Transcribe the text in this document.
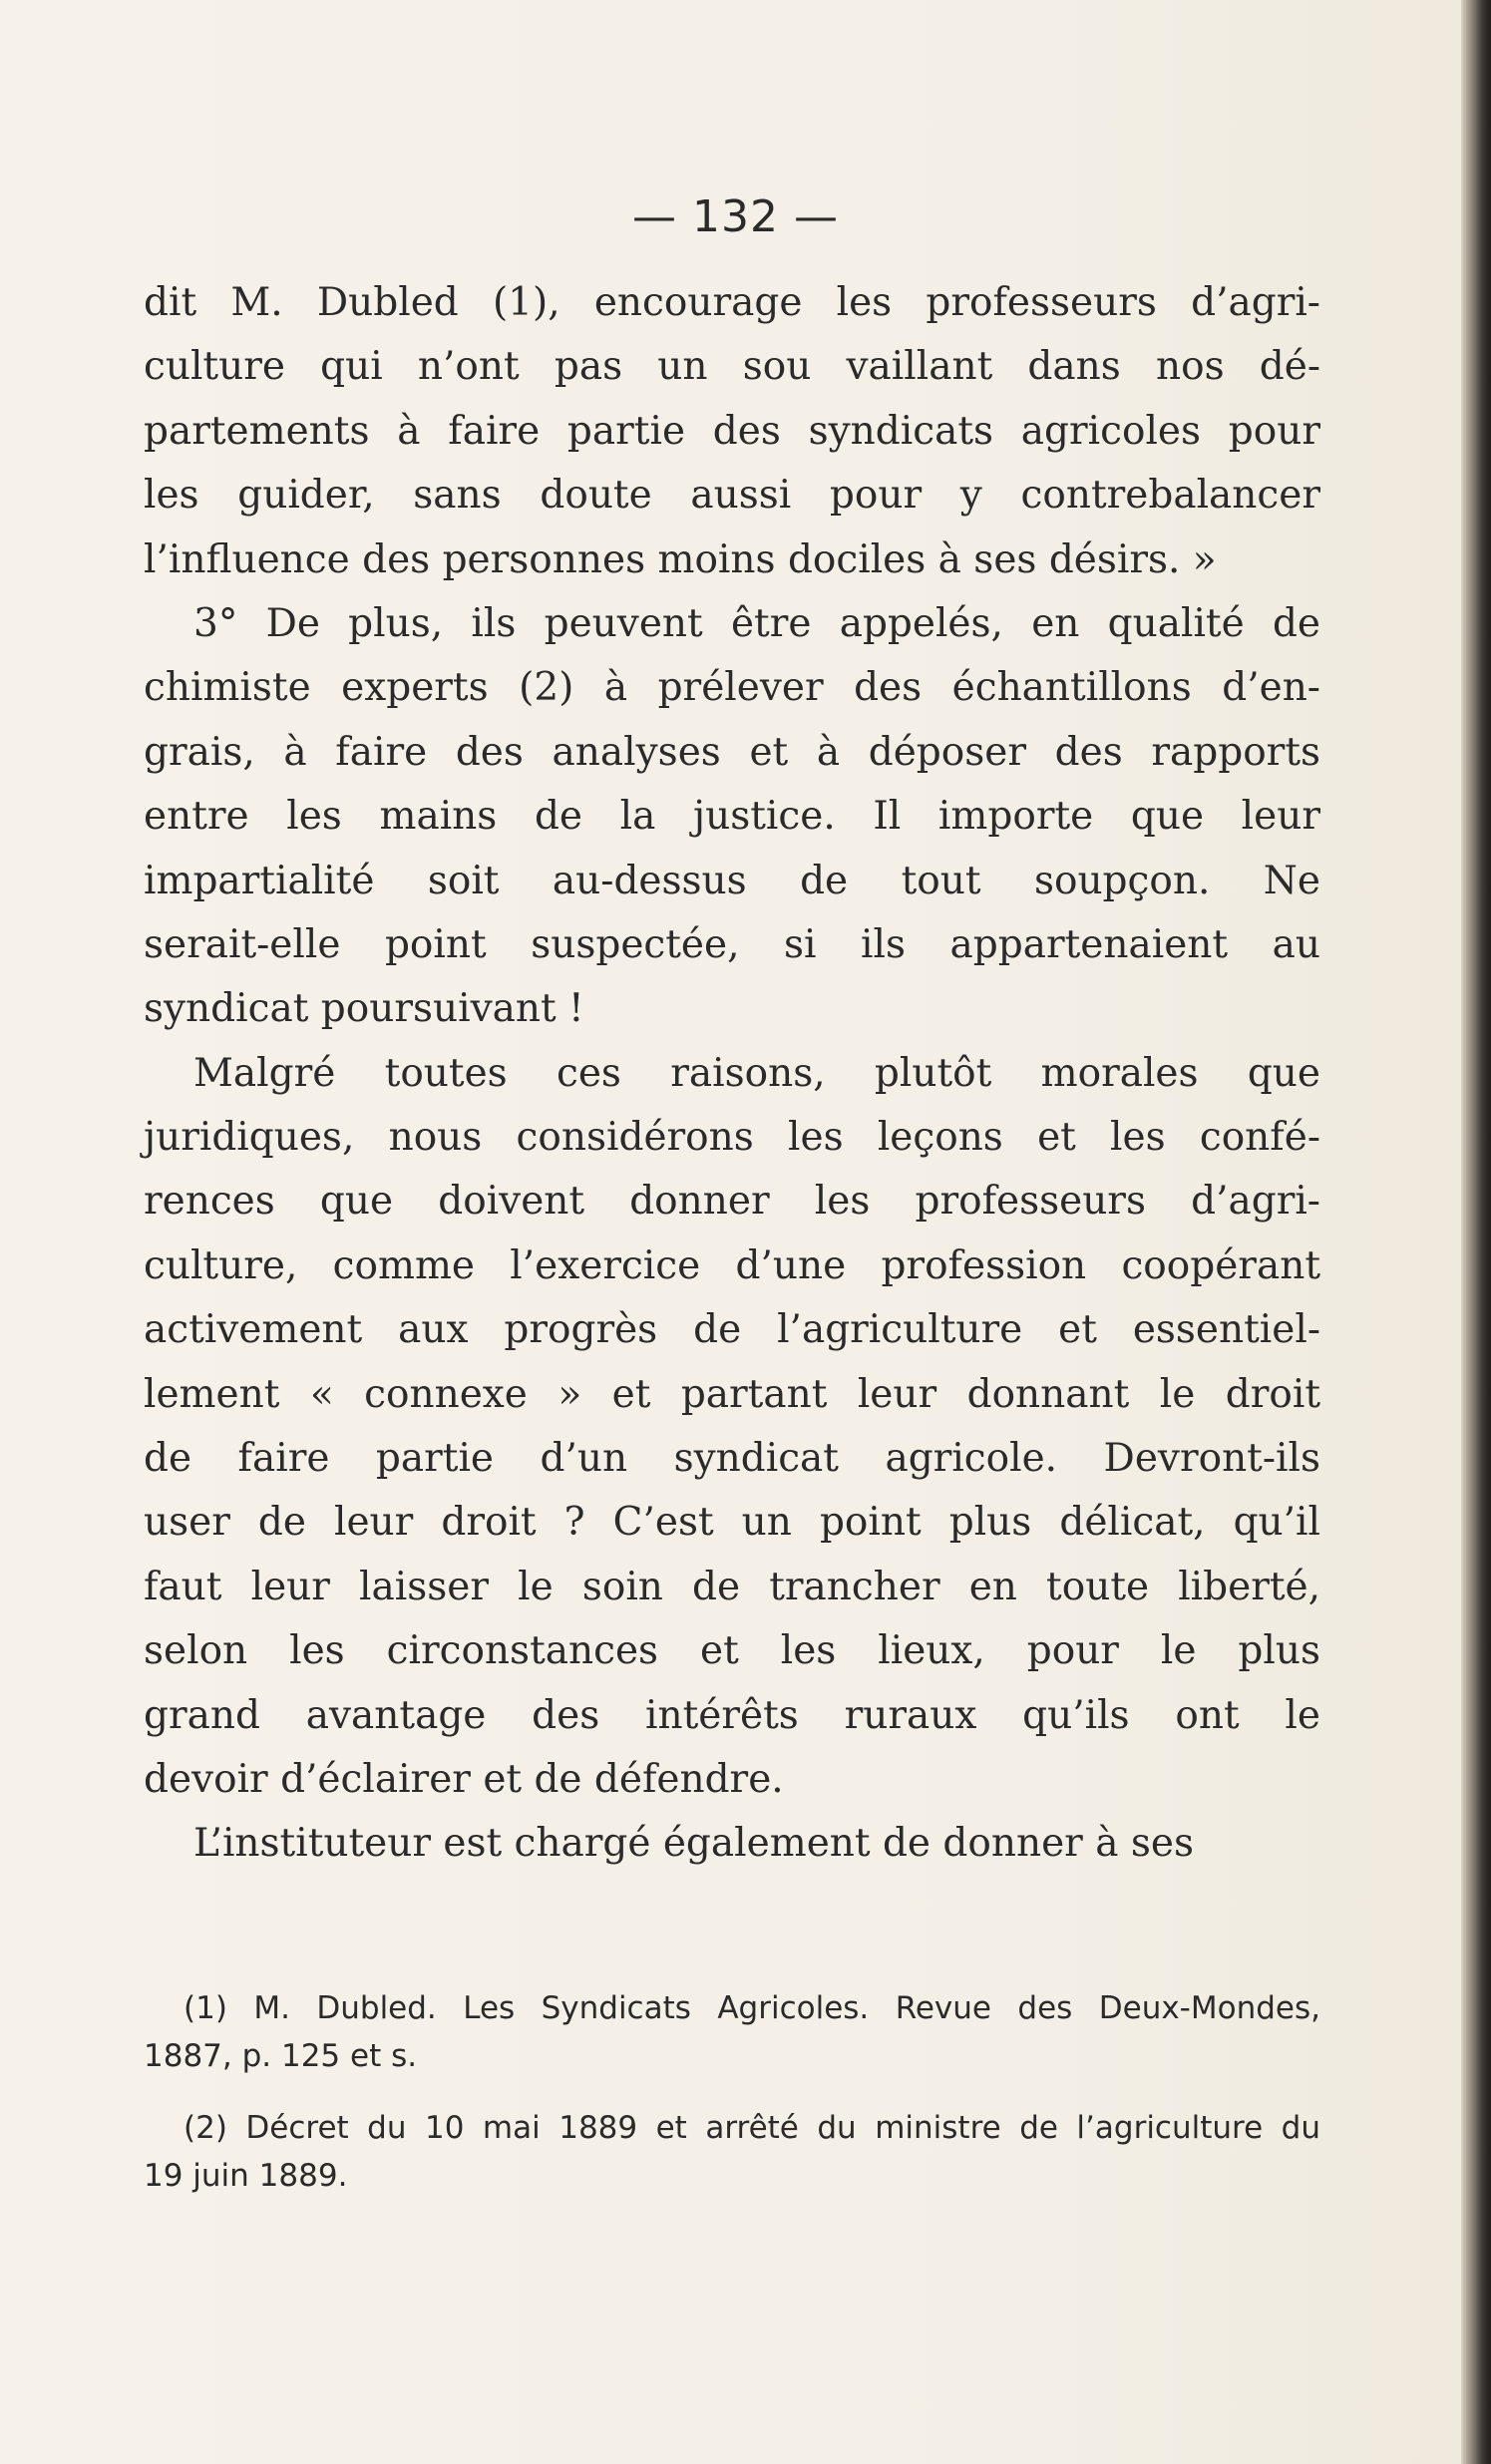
— 132 —
dit M. Dubled (1), encourage les professeurs d’agri-
culture qui n’ont pas un sou vaillant dans nos dé-
partements à faire partie des syndicats agricoles pour
les guider, sans doute aussi pour y contrebalancer
l’influence des personnes moins dociles à ses désirs. »
3° De plus, ils peuvent être appelés, en qualité de
chimiste experts (2) à prélever des échantillons d’en-
grais, à faire des analyses et à déposer des rapports
entre les mains de la justice. Il importe que leur
impartialité soit au-dessus de tout soupçon. Ne
serait-elle point suspectée, si ils appartenaient au
syndicat poursuivant !
Malgré toutes ces raisons, plutôt morales que
juridiques, nous considérons les leçons et les confé-
rences que doivent donner les professeurs d’agri-
culture, comme l’exercice d’une profession coopérant
activement aux progrès de l’agriculture et essentiel-
lement « connexe » et partant leur donnant le droit
de faire partie d’un syndicat agricole. Devront-ils
user de leur droit ? C’est un point plus délicat, qu’il
faut leur laisser le soin de trancher en toute liberté,
selon les circonstances et les lieux, pour le plus
grand avantage des intérêts ruraux qu’ils ont le
devoir d’éclairer et de défendre.
L’instituteur est chargé également de donner à ses
(1) M. Dubled. Les Syndicats Agricoles. Revue des Deux-Mondes,
1887, p. 125 et s.
(2) Décret du 10 mai 1889 et arrêté du ministre de l’agriculture du
19 juin 1889.
